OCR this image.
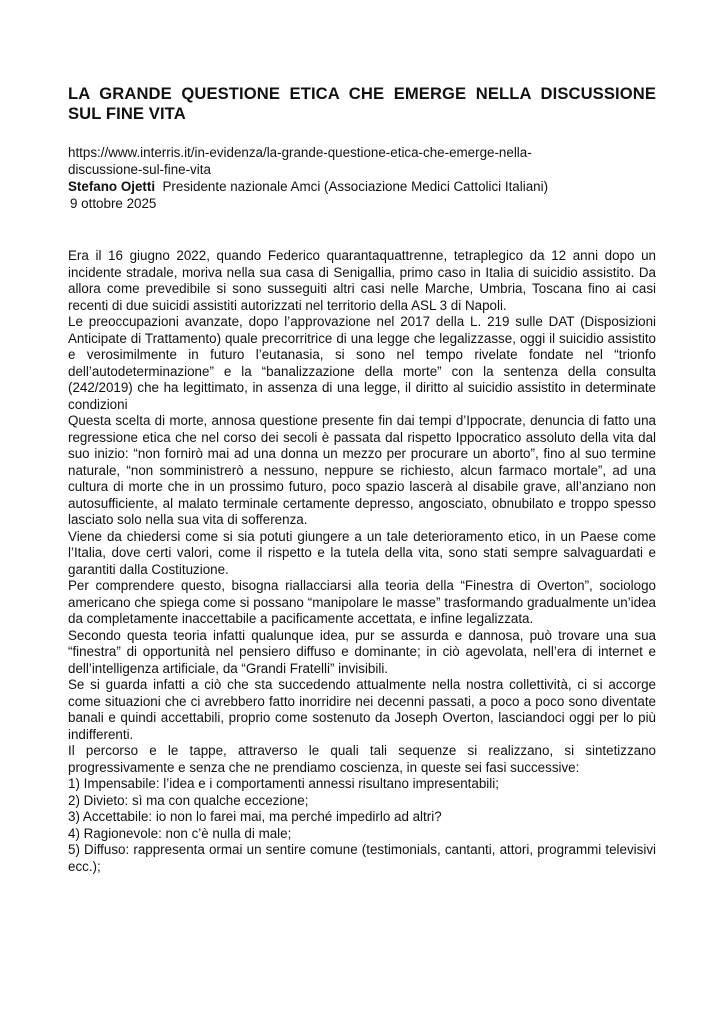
LA GRANDE QUESTIONE ETICA CHE EMERGE NELLA DISCUSSIONE SUL FINE VITA
https://www.interris.it/in-evidenza/la-grande-questione-etica-che-emerge-nella-
discussione-sul-fine-vita
Stefano Ojetti Presidente nazionale Amci (Associazione Medici Cattolici Italiani)
9 ottobre 2025

Era il 16 giugno 2022, quando Federico quarantaquattrenne, tetraplegico da 12 anni dopo un incidente stradale, moriva nella sua casa di Senigallia, primo caso in Italia di suicidio assistito. Da allora come prevedibile si sono susseguiti altri casi nelle Marche, Umbria, Toscana fino ai casi recenti di due suicidi assistiti autorizzati nel territorio della ASL 3 di Napoli.

Le preoccupazioni avanzate, dopo l’approvazione nel 2017 della L. 219 sulle DAT (Disposizioni Anticipate di Trattamento) quale precorritrice di una legge che legalizzasse, oggi il suicidio assistito e verosimilmente in futuro l’eutanasia, si sono nel tempo rivelate fondate nel “trionfo dell’autodeterminazione” e la “banalizzazione della morte” con la sentenza della consulta (242/2019) che ha legittimato, in assenza di una legge, il diritto al suicidio assistito in determinate condizioni

Questa scelta di morte, annosa questione presente fin dai tempi d’Ippocrate, denuncia di fatto una regressione etica che nel corso dei secoli è passata dal rispetto Ippocratico assoluto della vita dal suo inizio: “non fornirò mai ad una donna un mezzo per procurare un aborto”, fino al suo termine naturale, “non somministrerò a nessuno, neppure se richiesto, alcun farmaco mortale”, ad una cultura di morte che in un prossimo futuro, poco spazio lascerà al disabile grave, all’anziano non autosufficiente, al malato terminale certamente depresso, angosciato, obnubilato e troppo spesso lasciato solo nella sua vita di sofferenza.

Viene da chiedersi come si sia potuti giungere a un tale deterioramento etico, in un Paese come l’Italia, dove certi valori, come il rispetto e la tutela della vita, sono stati sempre salvaguardati e garantiti dalla Costituzione.

Per comprendere questo, bisogna riallacciarsi alla teoria della “Finestra di Overton”, sociologo americano che spiega come si possano “manipolare le masse” trasformando gradualmente un’idea da completamente inaccettabile a pacificamente accettata, e infine legalizzata.

Secondo questa teoria infatti qualunque idea, pur se assurda e dannosa, può trovare una sua “finestra” di opportunità nel pensiero diffuso e dominante; in ciò agevolata, nell’era di internet e dell’intelligenza artificiale, da “Grandi Fratelli” invisibili.

Se si guarda infatti a ciò che sta succedendo attualmente nella nostra collettività, ci si accorge come situazioni che ci avrebbero fatto inorridire nei decenni passati, a poco a poco sono diventate banali e quindi accettabili, proprio come sostenuto da Joseph Overton, lasciandoci oggi per lo più indifferenti.

Il percorso e le tappe, attraverso le quali tali sequenze si realizzano, si sintetizzano progressivamente e senza che ne prendiamo coscienza, in queste sei fasi successive:

1) Impensabile: l’idea e i comportamenti annessi risultano impresentabili;
2) Divieto: sì ma con qualche eccezione;
3) Accettabile: io non lo farei mai, ma perché impedirlo ad altri?
4) Ragionevole: non c’è nulla di male;
5) Diffuso: rappresenta ormai un sentire comune (testimonials, cantanti, attori, programmi televisivi ecc.);
